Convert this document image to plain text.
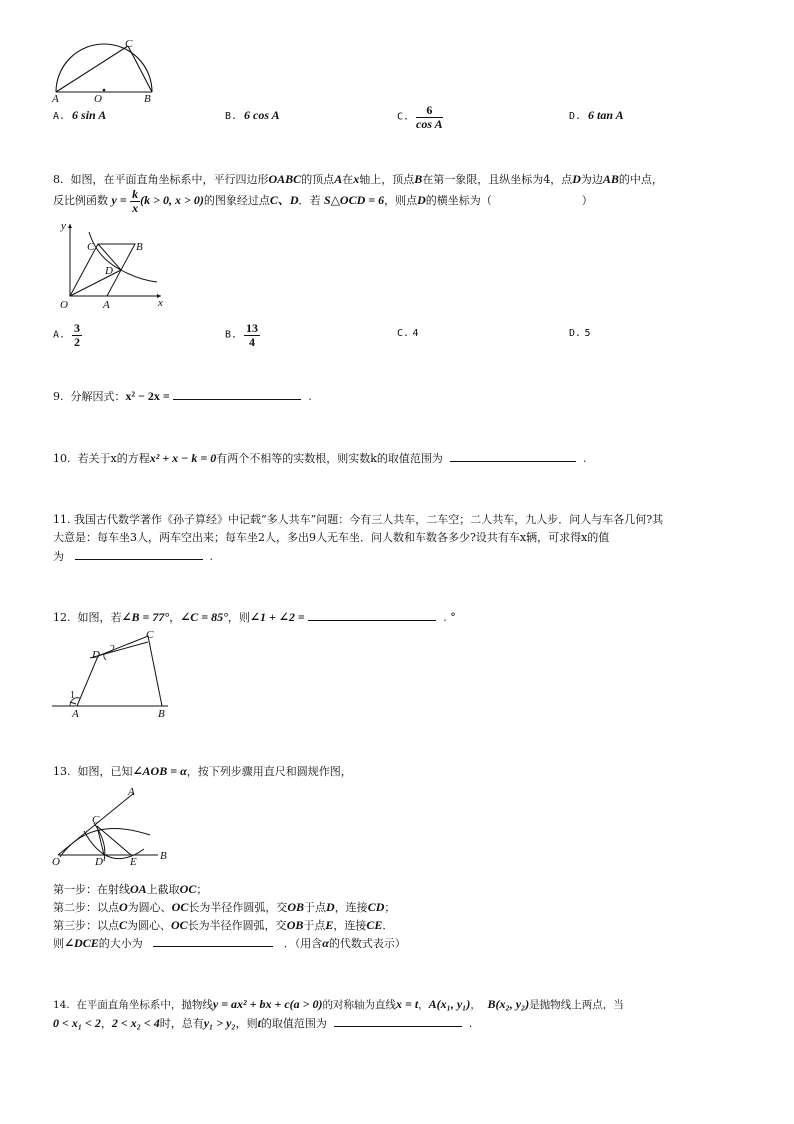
C
A	O	B
A. 6 sin A	B. 6 cos A	C. $\frac{6}{\text{cos A}}$	D. 6 tan A
8. 如图，在平面直角坐标系中，平行四边形OABC的顶点A在x轴上，顶点B在第一象限，且纵坐标为4，点D为边AB的中点，
反比例函数 $y = \frac{k}{x} (k > 0$, x > 0)的图象经过点C、D．若 S△OCD = 6，则点D的横坐标为（	）
y
C	B
D
O	A	x
A. $\frac{3}{2}$	B. $\frac{13}{4}$	C. 4	D. 5
9. 分解因式：x² − 2x =	.
10. 若关于x的方程x² + x − k = 0有两个不相等的实数根，则实数k的取值范围为	.
11. 我国古代数学著作《孙子算经》中记载“多人共车”问题：今有三人共车，二车空；二人共车，九人步．问人与车各几何?其
大意是：每车坐3人，两车空出来；每车坐2人，多出9人无车坐．问人数和车数各多少?设共有车x辆，可求得x的值
为	.
12. 如图，若∠B = 77°，∠C = 85°，则∠1 + ∠2 =	. °
C
D 2
1
A	B
13. 如图，已知∠AOB = α，按下列步骤用直尺和圆规作图，
A
C
O	D E B
第一步：在射线OA上截取OC；
第二步：以点O为圆心、OC长为半径作圆弧，交OB于点D，连接CD；
第三步：以点C为圆心、OC长为半径作圆弧，交OB于点E，连接CE．
则∠DCE的大小为	．（用含α的代数式表示）
14. 在平面直角坐标系中，抛物线y = ax² + bx + c(a > 0)的对称轴为直线x = t，A(x₁, y₁)， B(x₂, y₂)是抛物线上两点，当
0 < x₁ < 2，2 < x₂ < 4时，总有y₁ > y₂，则t的取值范围为	.
